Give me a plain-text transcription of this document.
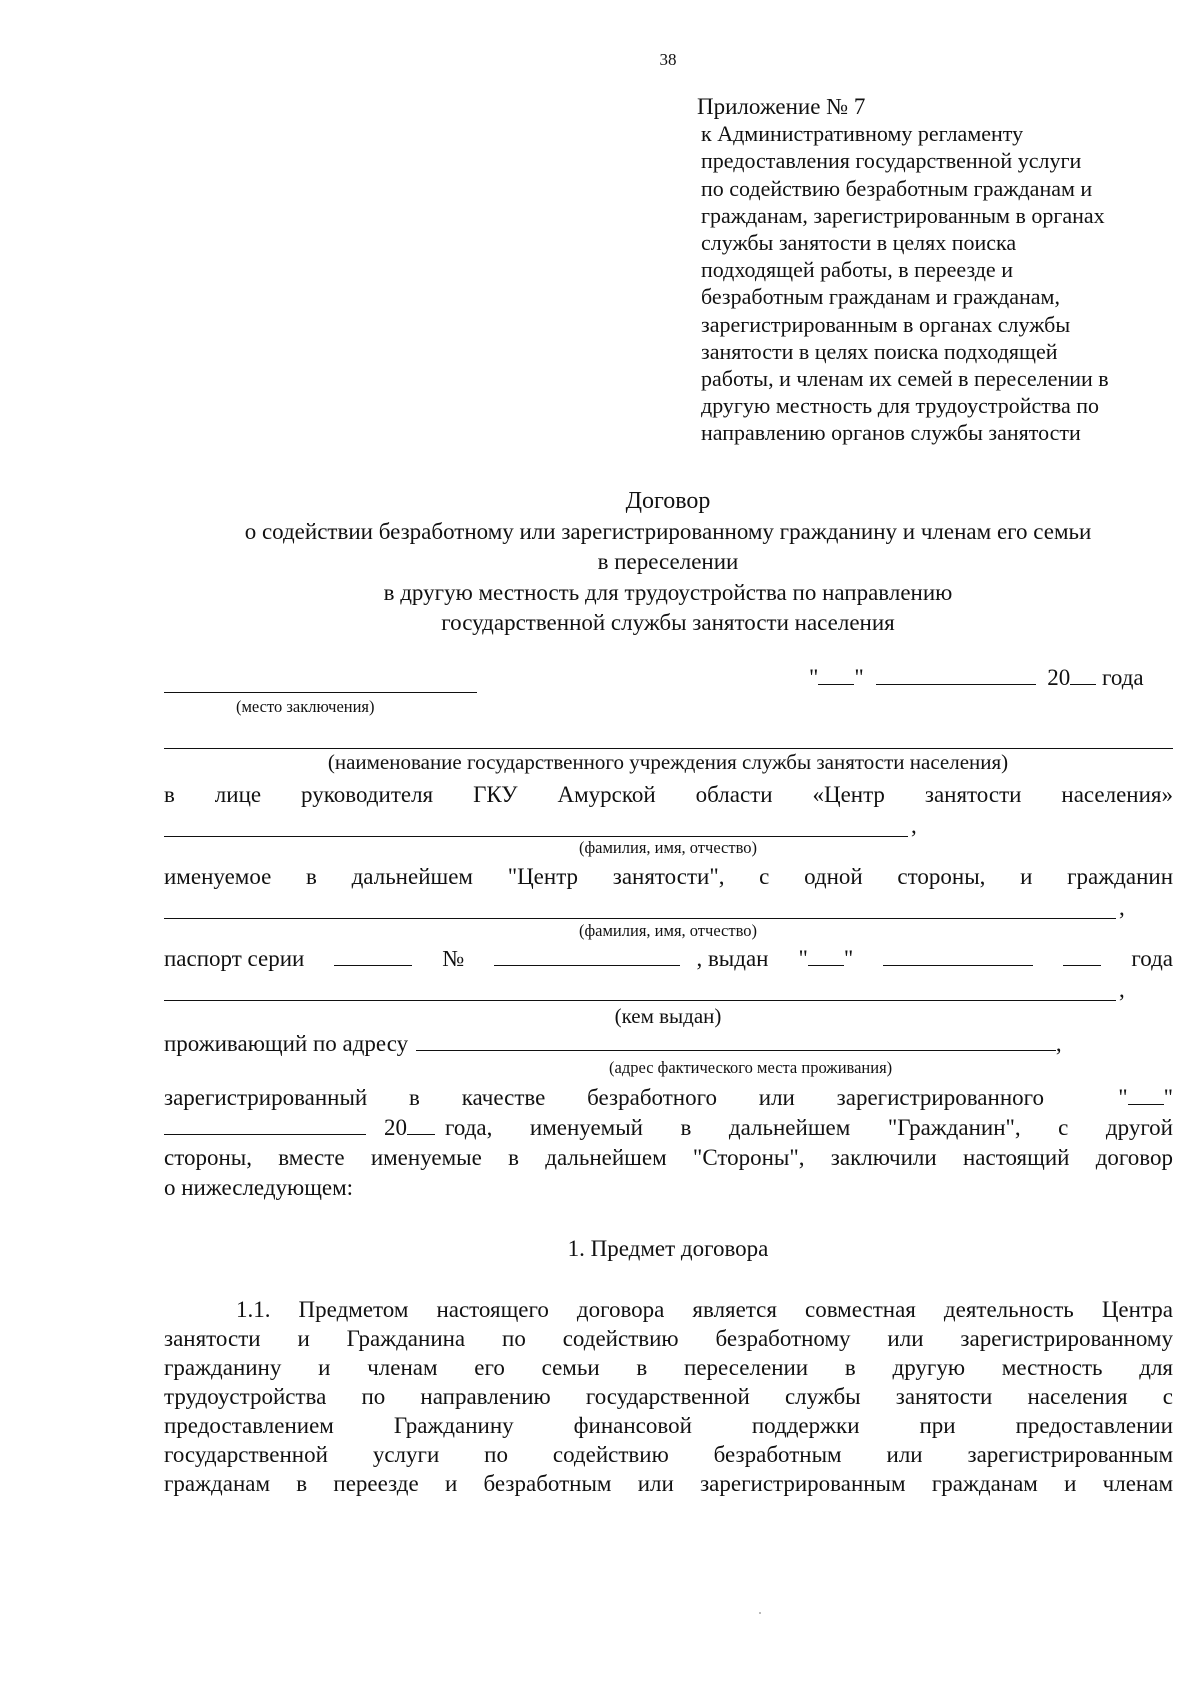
38
Приложение № 7
к Административному регламенту
предоставления государственной услуги
по содействию безработным гражданам и
гражданам, зарегистрированным в органах
службы занятости в целях поиска
подходящей работы, в переезде и
безработным гражданам и гражданам,
зарегистрированным в органах службы
занятости в целях поиска подходящей
работы, и членам их семей в переселении в
другую местность для трудоустройства по
направлению органов службы занятости
Договор
о содействии безработному или зарегистрированному гражданину и членам его семьи
в переселении
в другую местность для трудоустройства по направлению
государственной службы занятости населения
" "	20 года
(место заключения)
(наименование государственного учреждения службы занятости населения)
в лице руководителя ГКУ Амурской области «Центр занятости населения»
,
(фамилия, имя, отчество)
именуемое в дальнейшем "Центр занятости", с одной стороны, и гражданин
,
(фамилия, имя, отчество)
паспорт серии	№	, выдан " "	года
,
(кем выдан)
проживающий по адресу	,
(адрес фактического места проживания)
зарегистрированный в качестве безработного или зарегистрированного	" "
20 года, именуемый в дальнейшем "Гражданин", с другой
стороны, вместе именуемые в дальнейшем "Стороны", заключили настоящий договор
о нижеследующем:
1. Предмет договора
1.1. Предметом настоящего договора является совместная деятельность Центра
занятости и Гражданина по содействию безработному или зарегистрированному
гражданину и членам его семьи в переселении в другую местность для
трудоустройства по направлению государственной службы занятости населения с
предоставлением Гражданину финансовой поддержки при предоставлении
государственной услуги по содействию безработным или зарегистрированным
гражданам в переезде и безработным или зарегистрированным гражданам и членам
